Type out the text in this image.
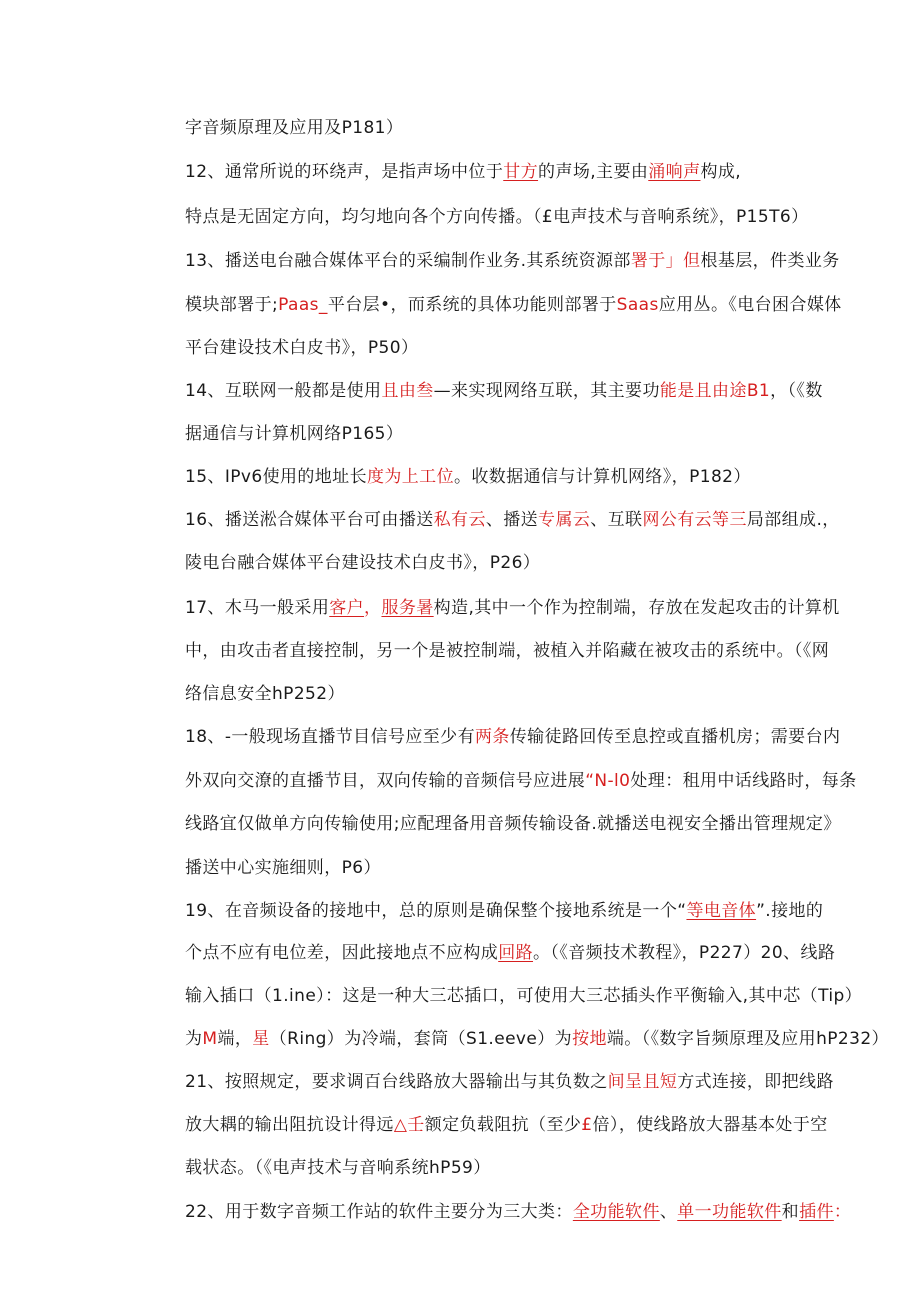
字音频原理及应用及P181）
12、通常所说的环绕声，是指声场中位于甘方的声场,主要由涌响声构成,
特点是无固定方向，均匀地向各个方向传播。（£电声技术与音响系统》，P15T6）
13、播送电台融合媒体平台的采编制作业务.其系统资源部署于」但根基层，件类业务
模块部署于;Paas_平台层•，而系统的具体功能则部署于Saas应用丛。《电台困合媒体
平台建设技术白皮书》，P50）
14、互联网一般都是使用且由叁—来实现网络互联，其主要功能是且由途B1，（《数
据通信与计算机网络P165）
15、IPv6使用的地址长度为上工位。收数据通信与计算机网络》，P182）
16、播送淞合媒体平台可由播送私有云、播送专属云、互联网公有云等三局部组成.，
陵电台融合媒体平台建设技术白皮书》，P26）
17、木马一般采用客户，服务暑构造,其中一个作为控制端，存放在发起攻击的计算机
中，由攻击者直接控制，另一个是被控制端，被植入并陷藏在被攻击的系统中。（《网
络信息安全hP252）
18、-一般现场直播节目信号应至少有两条传输徒路回传至息控或直播机房；需要台内
外双向交潦的直播节目，双向传输的音频信号应进展“N-l0处理：租用中话线路时，每条
线路宜仅做单方向传输使用;应配理备用音频传输设备.就播送电视安全播出管理规定》
播送中心实施细则，P6）
19、在音频设备的接地中，总的原则是确保整个接地系统是一个“等电音体”.接地的
个点不应有电位差，因此接地点不应构成回路。（《音频技术教程》，P227）20、线路
输入插口（1.ine）：这是一种大三芯插口，可使用大三芯插头作平衡输入,其中芯（Tip）
为M端，星（Ring）为冷端，套筒（S1.eeve）为按地端。（《数字旨频原理及应用hP232）
21、按照规定，要求调百台线路放大器输出与其负数之间呈且短方式连接，即把线路
放大耦的输出阻抗设计得远△壬额定负载阻抗（至少£倍），使线路放大器基本处于空
载状态。（《电声技术与音响系统hP59）
22、用于数字音频工作站的软件主要分为三大类：全功能软件、单一功能软件和插件：
